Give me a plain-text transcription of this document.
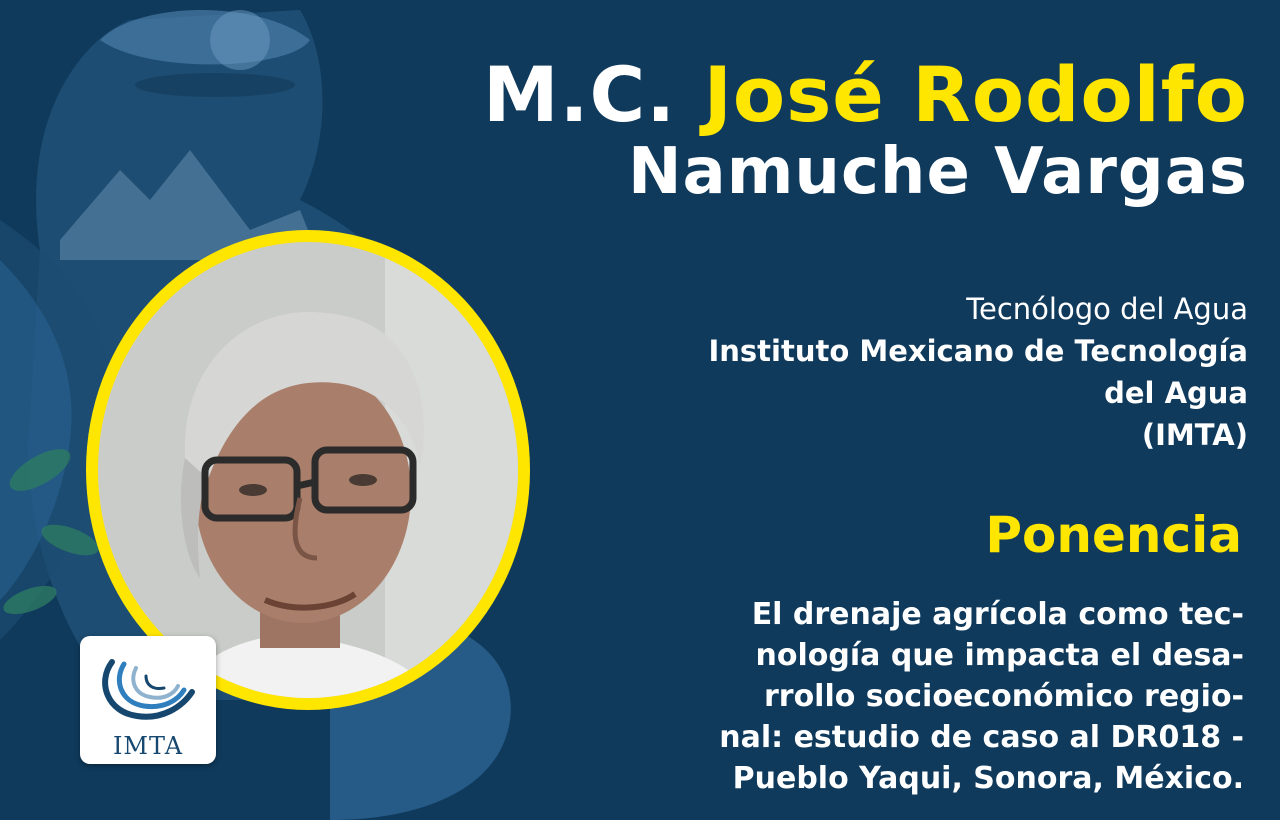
IMTA
M.C. José Rodolfo
Namuche Vargas
Tecnólogo del Agua
Instituto Mexicano de Tecnología
del Agua
(IMTA)
Ponencia
El drenaje agrícola como tec-
nología que impacta el desa-
rrollo socioeconómico regio-
nal: estudio de caso al DR018 -
Pueblo Yaqui, Sonora, México.
